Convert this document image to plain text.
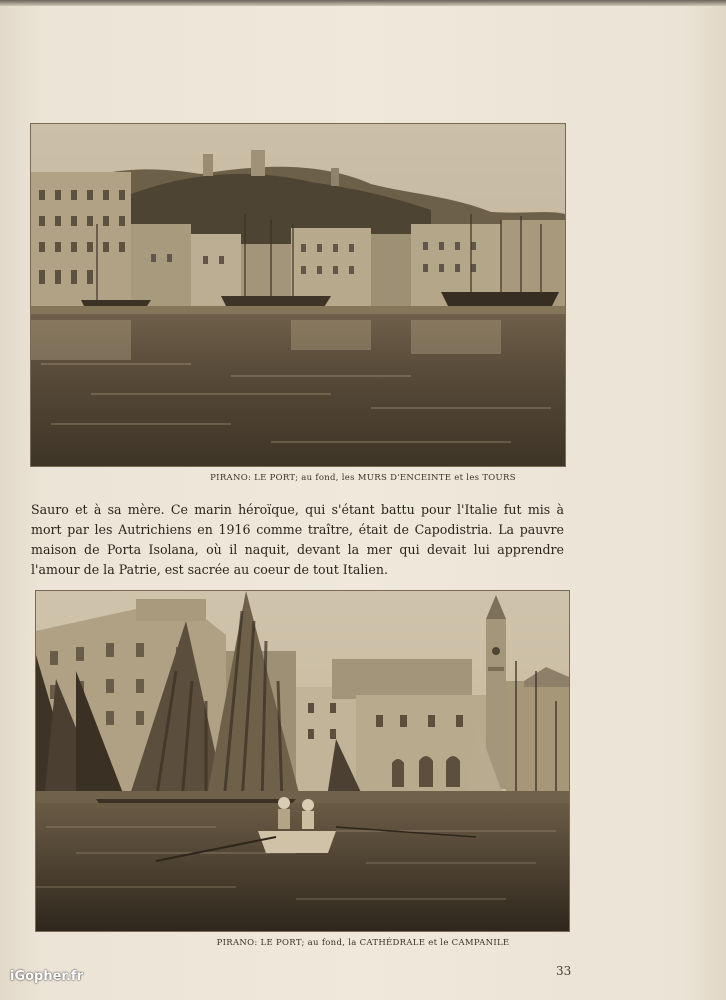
PIRANO: LE PORT; au fond, les MURS D'ENCEINTE et les TOURS
Sauro et à sa mère. Ce marin héroïque, qui s'étant battu pour l'Italie fut mis à
mort par les Autrichiens en 1916 comme traître, était de Capodistria. La pauvre
maison de Porta Isolana, où il naquit, devant la mer qui devait lui apprendre
l'amour de la Patrie, est sacrée au coeur de tout Italien.
PIRANO: LE PORT; au fond, la CATHÉDRALE et le CAMPANILE
33
iGopher.fr
